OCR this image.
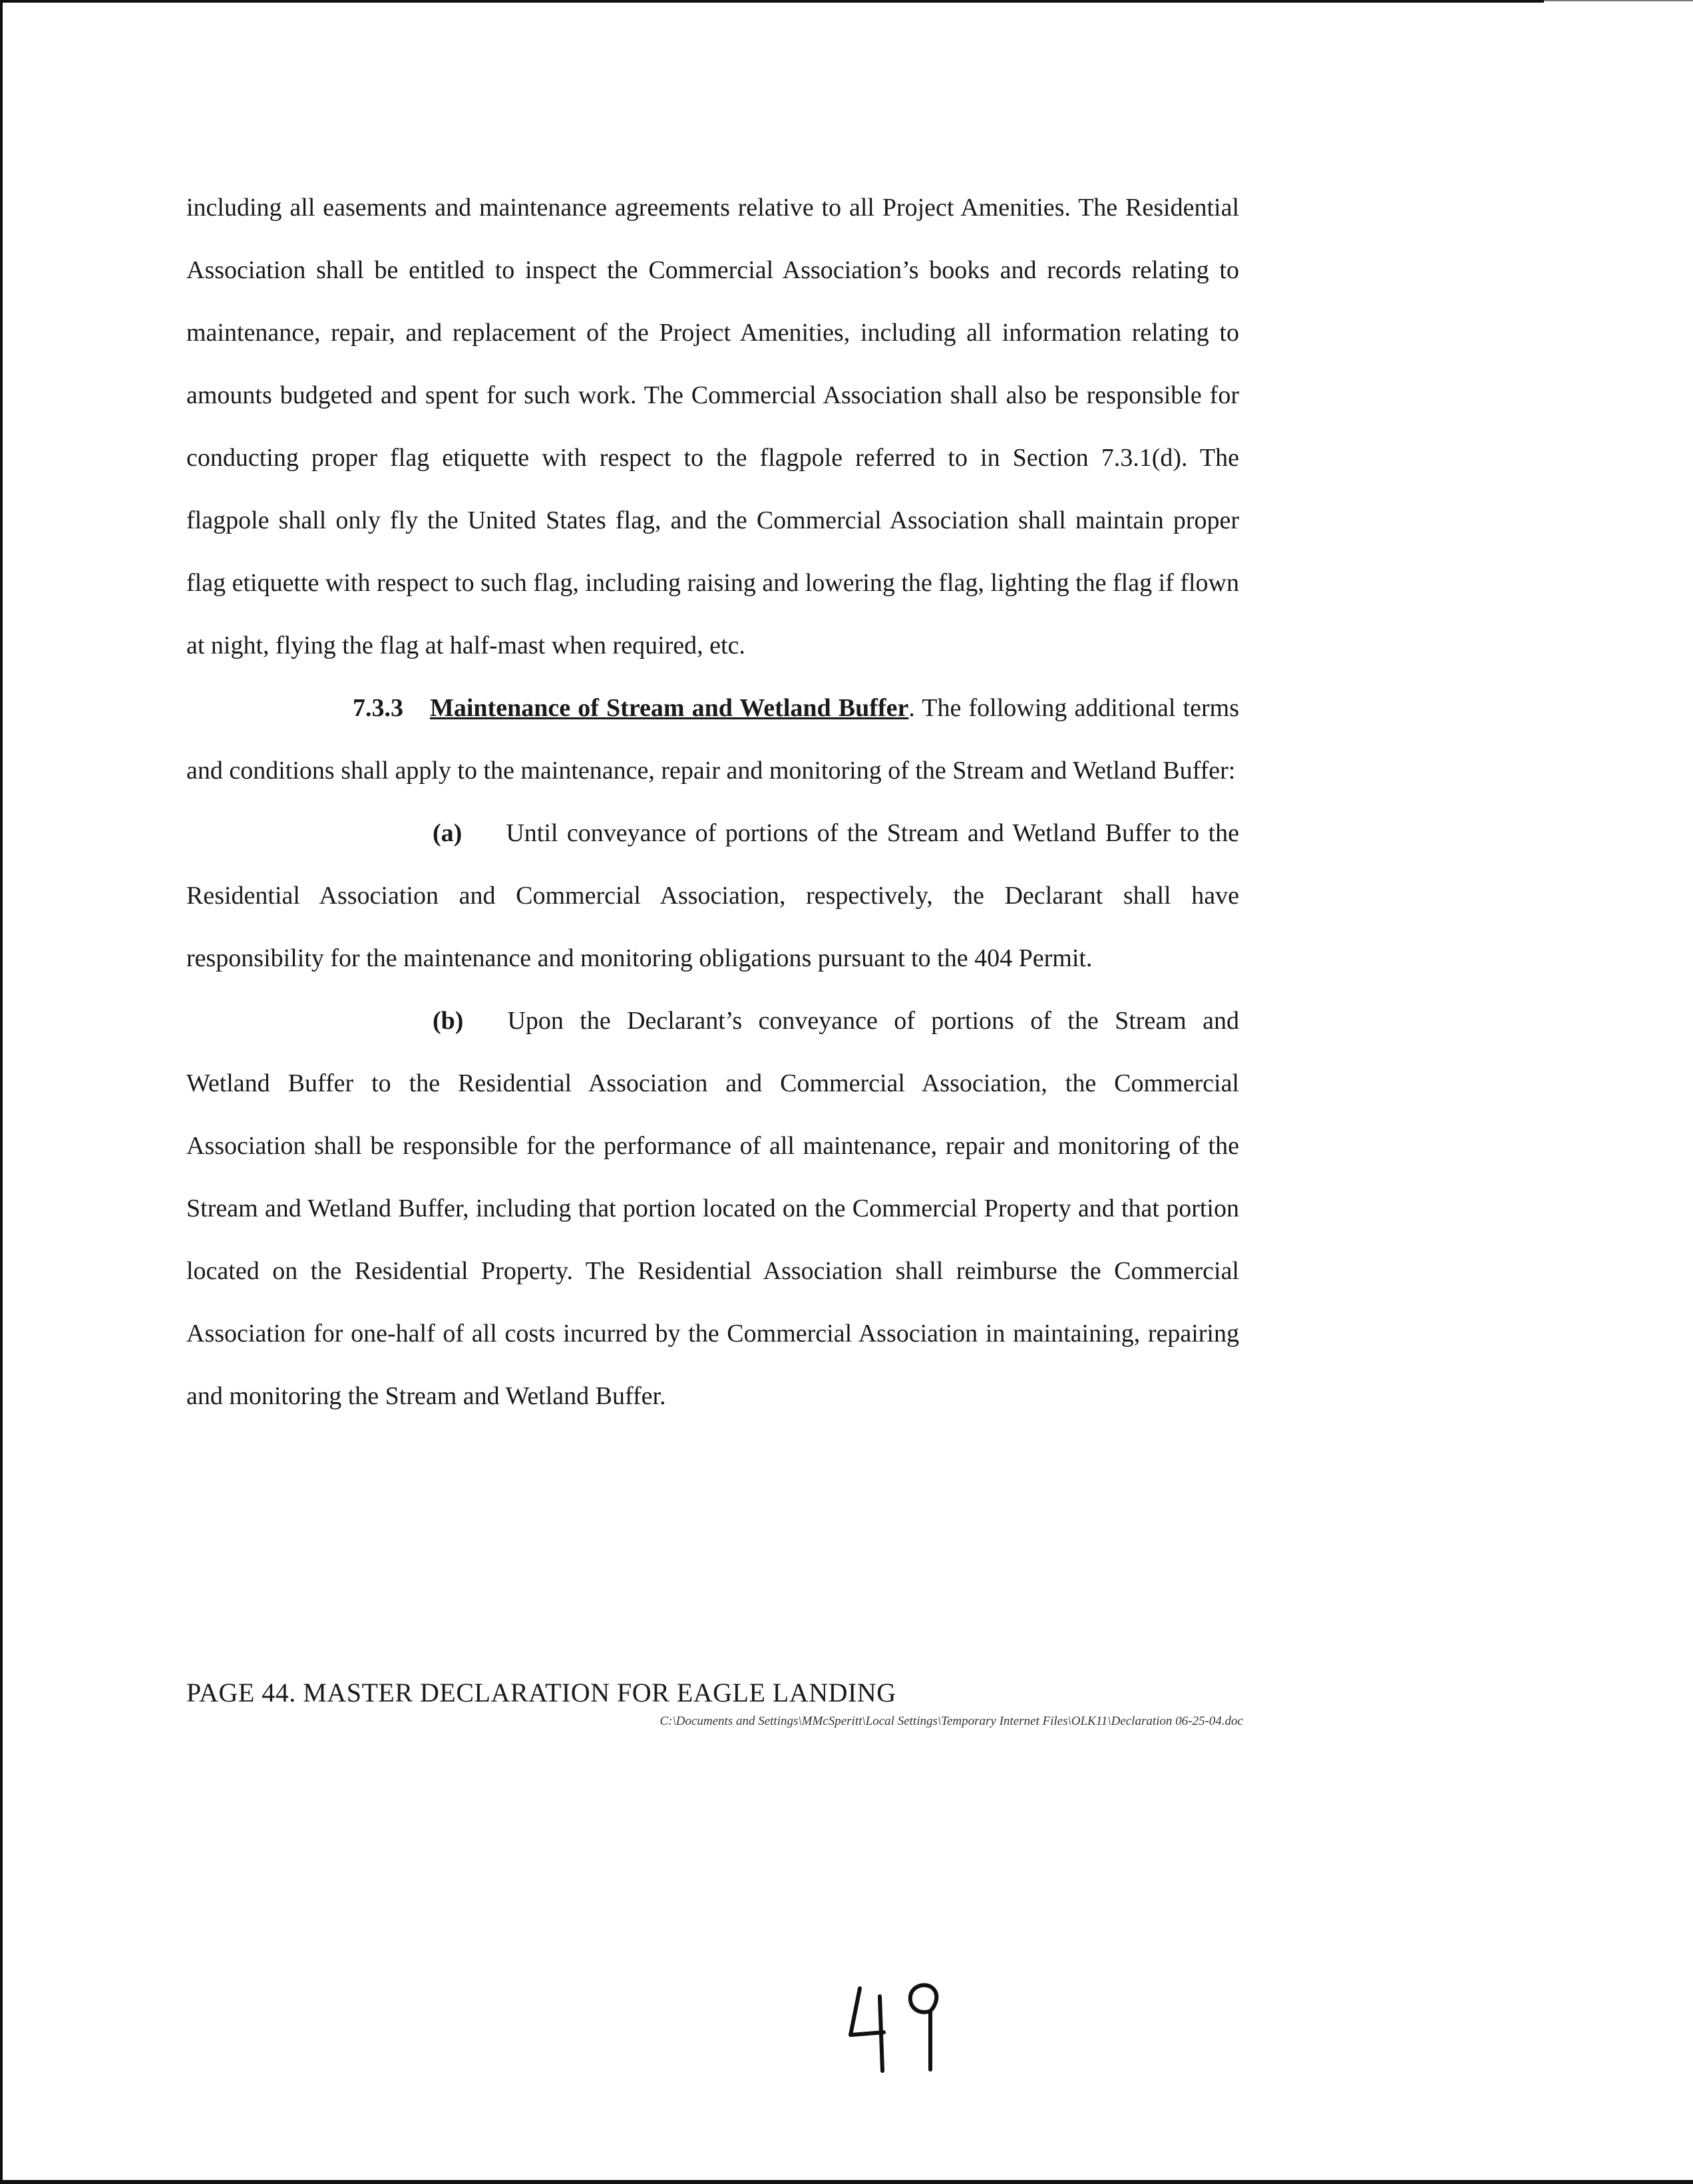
including all easements and maintenance agreements relative to all Project Amenities. The Residential Association shall be entitled to inspect the Commercial Association’s books and records relating to maintenance, repair, and replacement of the Project Amenities, including all information relating to amounts budgeted and spent for such work. The Commercial Association shall also be responsible for conducting proper flag etiquette with respect to the flagpole referred to in Section 7.3.1(d). The flagpole shall only fly the United States flag, and the Commercial Association shall maintain proper flag etiquette with respect to such flag, including raising and lowering the flag, lighting the flag if flown at night, flying the flag at half-mast when required, etc.

7.3.3 Maintenance of Stream and Wetland Buffer. The following additional terms and conditions shall apply to the maintenance, repair and monitoring of the Stream and Wetland Buffer:

(a) Until conveyance of portions of the Stream and Wetland Buffer to the Residential Association and Commercial Association, respectively, the Declarant shall have responsibility for the maintenance and monitoring obligations pursuant to the 404 Permit.

(b) Upon the Declarant’s conveyance of portions of the Stream and Wetland Buffer to the Residential Association and Commercial Association, the Commercial Association shall be responsible for the performance of all maintenance, repair and monitoring of the Stream and Wetland Buffer, including that portion located on the Commercial Property and that portion located on the Residential Property. The Residential Association shall reimburse the Commercial Association for one-half of all costs incurred by the Commercial Association in maintaining, repairing and monitoring the Stream and Wetland Buffer.

PAGE 44. MASTER DECLARATION FOR EAGLE LANDING
C:\Documents and Settings\MMcSperitt\Local Settings\Temporary Internet Files\OLK11\Declaration 06-25-04.doc
